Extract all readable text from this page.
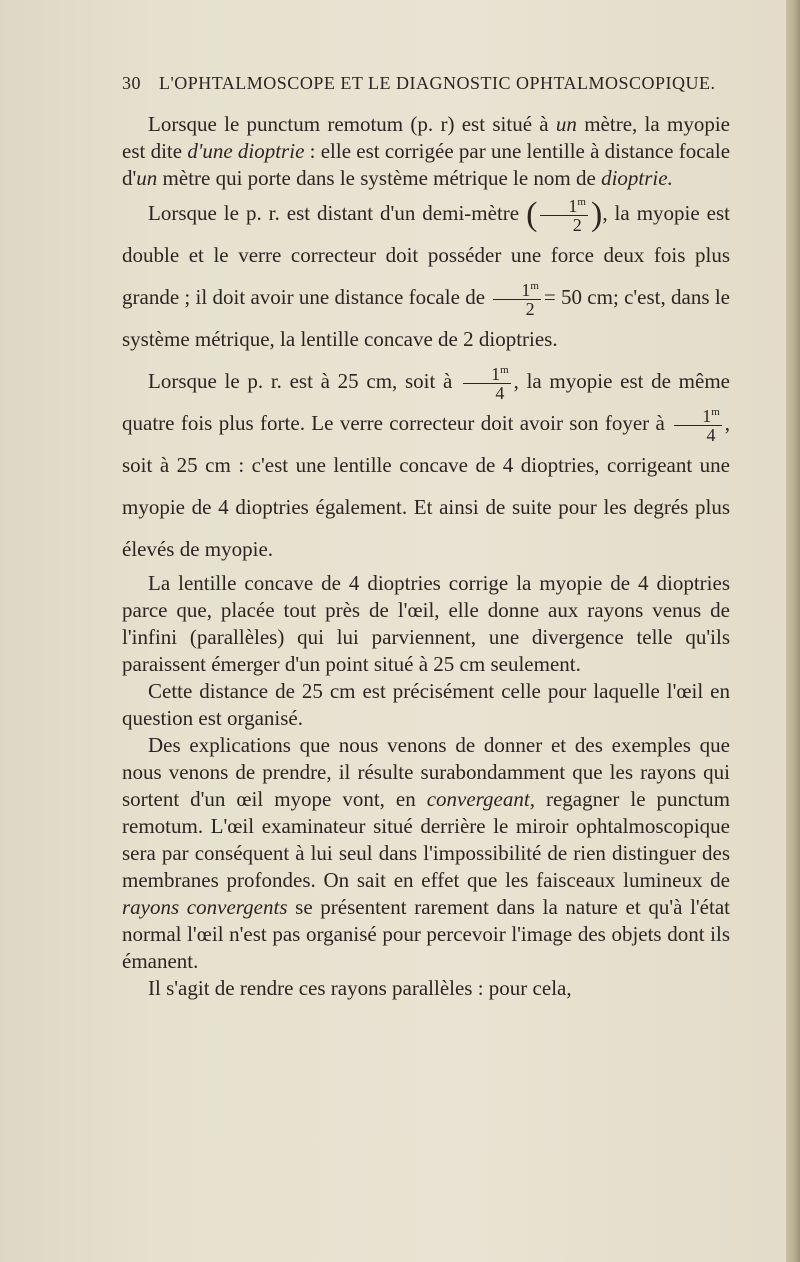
30 L'OPHTALMOSCOPE ET LE DIAGNOSTIC OPHTALMOSCOPIQUE.

Lorsque le punctum remotum (p. r) est situé à un mètre, la myopie est dite d'une dioptrie : elle est corrigée par une lentille à distance focale d'un mètre qui porte dans le système métrique le nom de dioptrie.

Lorsque le p. r. est distant d'un demi-mètre ( $\frac{1^m}{2}$ ), la myopie est double et le verre correcteur doit posséder une force deux fois plus grande ; il doit avoir une distance focale de $\frac{1^m}{2} = 50$ cm; c'est, dans le système métrique, la lentille concave de 2 dioptries.

Lorsque le p. r. est à 25 cm, soit à $\frac{1^m}{4}$ , la myopie est de même quatre fois plus forte. Le verre correcteur doit avoir son foyer à $\frac{1^m}{4}$ , soit à 25 cm : c'est une lentille concave de 4 dioptries, corrigeant une myopie de 4 dioptries également. Et ainsi de suite pour les degrés plus élevés de myopie.

La lentille concave de 4 dioptries corrige la myopie de 4 dioptries parce que, placée tout près de l'œil, elle donne aux rayons venus de l'infini (parallèles) qui lui parviennent, une divergence telle qu'ils paraissent émerger d'un point situé à 25 cm seulement.

Cette distance de 25 cm est précisément celle pour laquelle l'œil en question est organisé.

Des explications que nous venons de donner et des exemples que nous venons de prendre, il résulte surabondamment que les rayons qui sortent d'un œil myope vont, en convergeant, regagner le punctum remotum. L'œil examinateur situé derrière le miroir ophtalmoscopique sera par conséquent à lui seul dans l'impossibilité de rien distinguer des membranes profondes. On sait en effet que les faisceaux lumineux de rayons convergents se présentent rarement dans la nature et qu'à l'état normal l'œil n'est pas organisé pour percevoir l'image des objets dont ils émanent.

Il s'agit de rendre ces rayons parallèles : pour cela,
